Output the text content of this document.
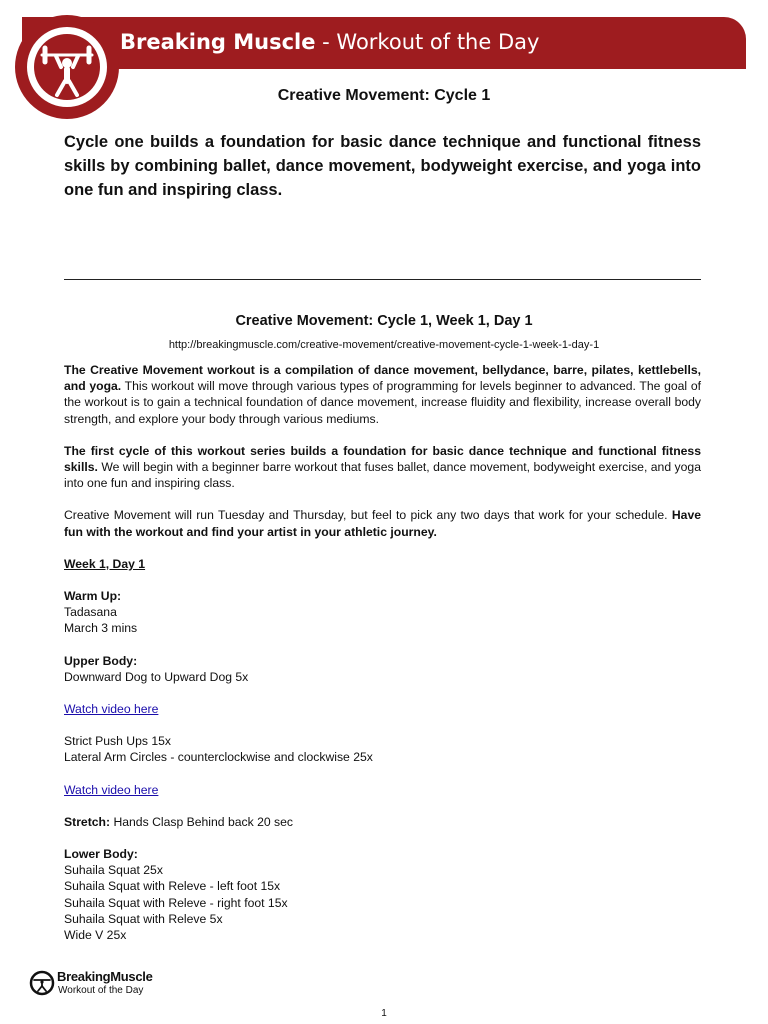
Breaking Muscle - Workout of the Day
Creative Movement: Cycle 1
Cycle one builds a foundation for basic dance technique and functional fitness skills by combining ballet, dance movement, bodyweight exercise, and yoga into one fun and inspiring class.
Creative Movement: Cycle 1, Week 1, Day 1
http://breakingmuscle.com/creative-movement/creative-movement-cycle-1-week-1-day-1

The Creative Movement workout is a compilation of dance movement, bellydance, barre, pilates, kettlebells, and yoga. This workout will move through various types of programming for levels beginner to advanced. The goal of the workout is to gain a technical foundation of dance movement, increase fluidity and flexibility, increase overall body strength, and explore your body through various mediums.

The first cycle of this workout series builds a foundation for basic dance technique and functional fitness skills. We will begin with a beginner barre workout that fuses ballet, dance movement, bodyweight exercise, and yoga into one fun and inspiring class.

Creative Movement will run Tuesday and Thursday, but feel to pick any two days that work for your schedule. Have fun with the workout and find your artist in your athletic journey.

Week 1, Day 1
Warm Up:
Tadasana
March 3 mins
Upper Body:
Downward Dog to Upward Dog 5x
Watch video here
Strict Push Ups 15x
Lateral Arm Circles - counterclockwise and clockwise 25x
Watch video here
Stretch: Hands Clasp Behind back 20 sec
Lower Body:
Suhaila Squat 25x
Suhaila Squat with Releve - left foot 15x
Suhaila Squat with Releve - right foot 15x
Suhaila Squat with Releve 5x
Wide V 25x
BreakingMuscle
Workout of the Day
1
